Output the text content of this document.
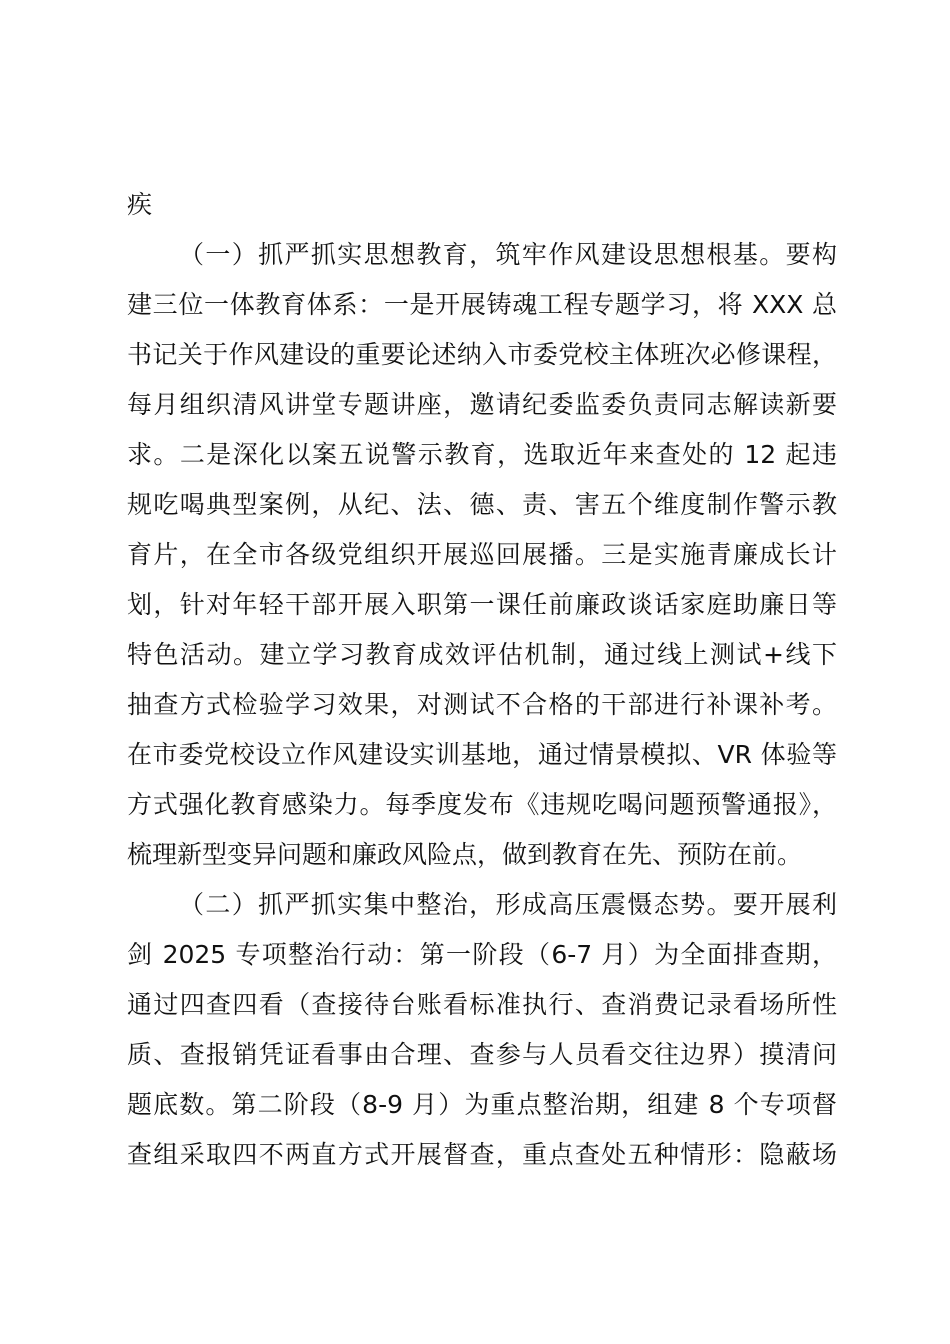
疾
（一）抓严抓实思想教育，筑牢作风建设思想根基。要构
建三位一体教育体系：一是开展铸魂工程专题学习，将 XXX 总
书记关于作风建设的重要论述纳入市委党校主体班次必修课程，
每月组织清风讲堂专题讲座，邀请纪委监委负责同志解读新要
求。二是深化以案五说警示教育，选取近年来查处的 12 起违
规吃喝典型案例，从纪、法、德、责、害五个维度制作警示教
育片，在全市各级党组织开展巡回展播。三是实施青廉成长计
划，针对年轻干部开展入职第一课任前廉政谈话家庭助廉日等
特色活动。建立学习教育成效评估机制，通过线上测试+线下
抽查方式检验学习效果，对测试不合格的干部进行补课补考。
在市委党校设立作风建设实训基地，通过情景模拟、VR 体验等
方式强化教育感染力。每季度发布《违规吃喝问题预警通报》，
梳理新型变异问题和廉政风险点，做到教育在先、预防在前。
（二）抓严抓实集中整治，形成高压震慑态势。要开展利
剑 2025 专项整治行动：第一阶段（6-7 月）为全面排查期，
通过四查四看（查接待台账看标准执行、查消费记录看场所性
质、查报销凭证看事由合理、查参与人员看交往边界）摸清问
题底数。第二阶段（8-9 月）为重点整治期，组建 8 个专项督
查组采取四不两直方式开展督查，重点查处五种情形：隐蔽场
